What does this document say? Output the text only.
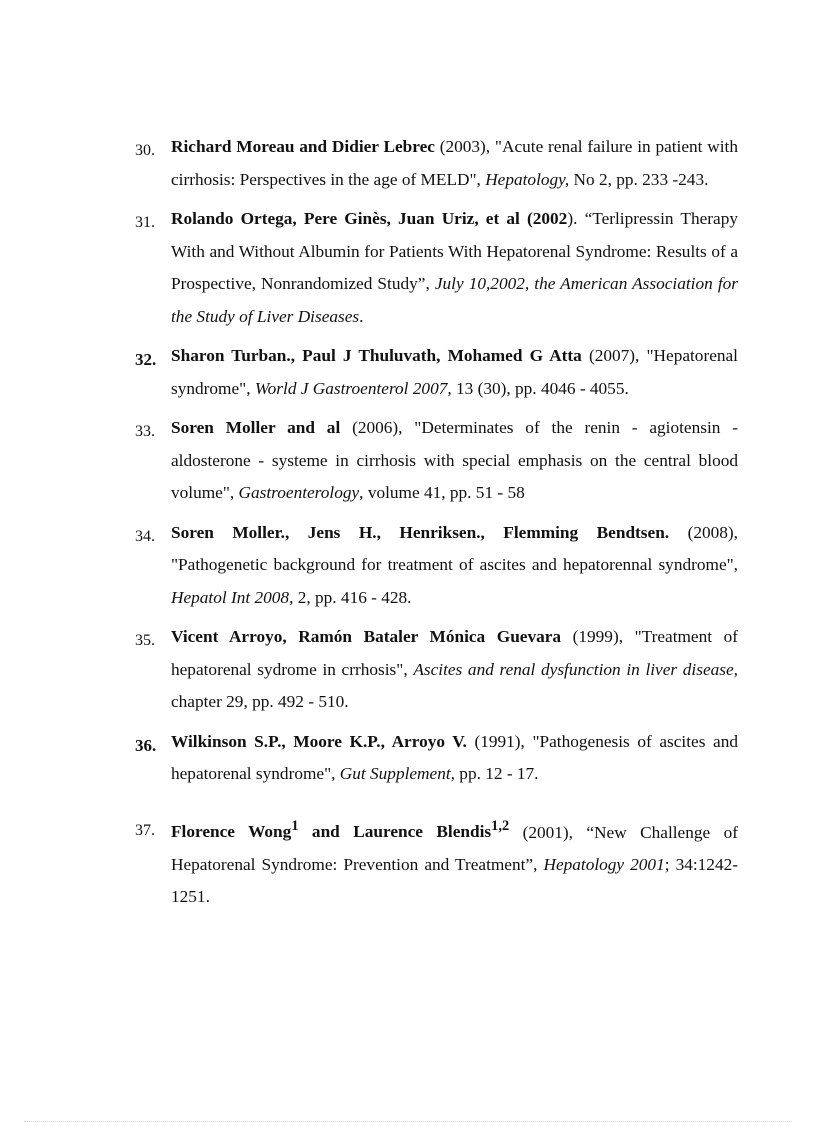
30. Richard Moreau and Didier Lebrec (2003), "Acute renal failure in patient with cirrhosis: Perspectives in the age of MELD", Hepatology, No 2, pp. 233 -243.
31. Rolando Ortega, Pere Ginès, Juan Uriz, et al (2002). “Terlipressin Therapy With and Without Albumin for Patients With Hepatorenal Syndrome: Results of a Prospective, Nonrandomized Study”, July 10,2002, the American Association for the Study of Liver Diseases.
32. Sharon Turban., Paul J Thuluvath, Mohamed G Atta (2007), "Hepatorenal syndrome", World J Gastroenterol 2007, 13 (30), pp. 4046 - 4055.
33. Soren Moller and al (2006), "Determinates of the renin - agiotensin - aldosterone - systeme in cirrhosis with special emphasis on the central blood volume", Gastroenterology, volume 41, pp. 51 - 58
34. Soren Moller., Jens H., Henriksen., Flemming Bendtsen. (2008), "Pathogenetic background for treatment of ascites and hepatorennal syndrome", Hepatol Int 2008, 2, pp. 416 - 428.
35. Vicent Arroyo, Ramón Bataler Mónica Guevara (1999), "Treatment of hepatorenal sydrome in crrhosis", Ascites and renal dysfunction in liver disease, chapter 29, pp. 492 - 510.
36. Wilkinson S.P., Moore K.P., Arroyo V. (1991), "Pathogenesis of ascites and hepatorenal syndrome", Gut Supplement, pp. 12 - 17.
37. Florence Wong$^1$ and Laurence Blendis$^{1,2}$ (2001), “New Challenge of Hepatorenal Syndrome: Prevention and Treatment”, Hepatology 2001; 34:1242-1251.
